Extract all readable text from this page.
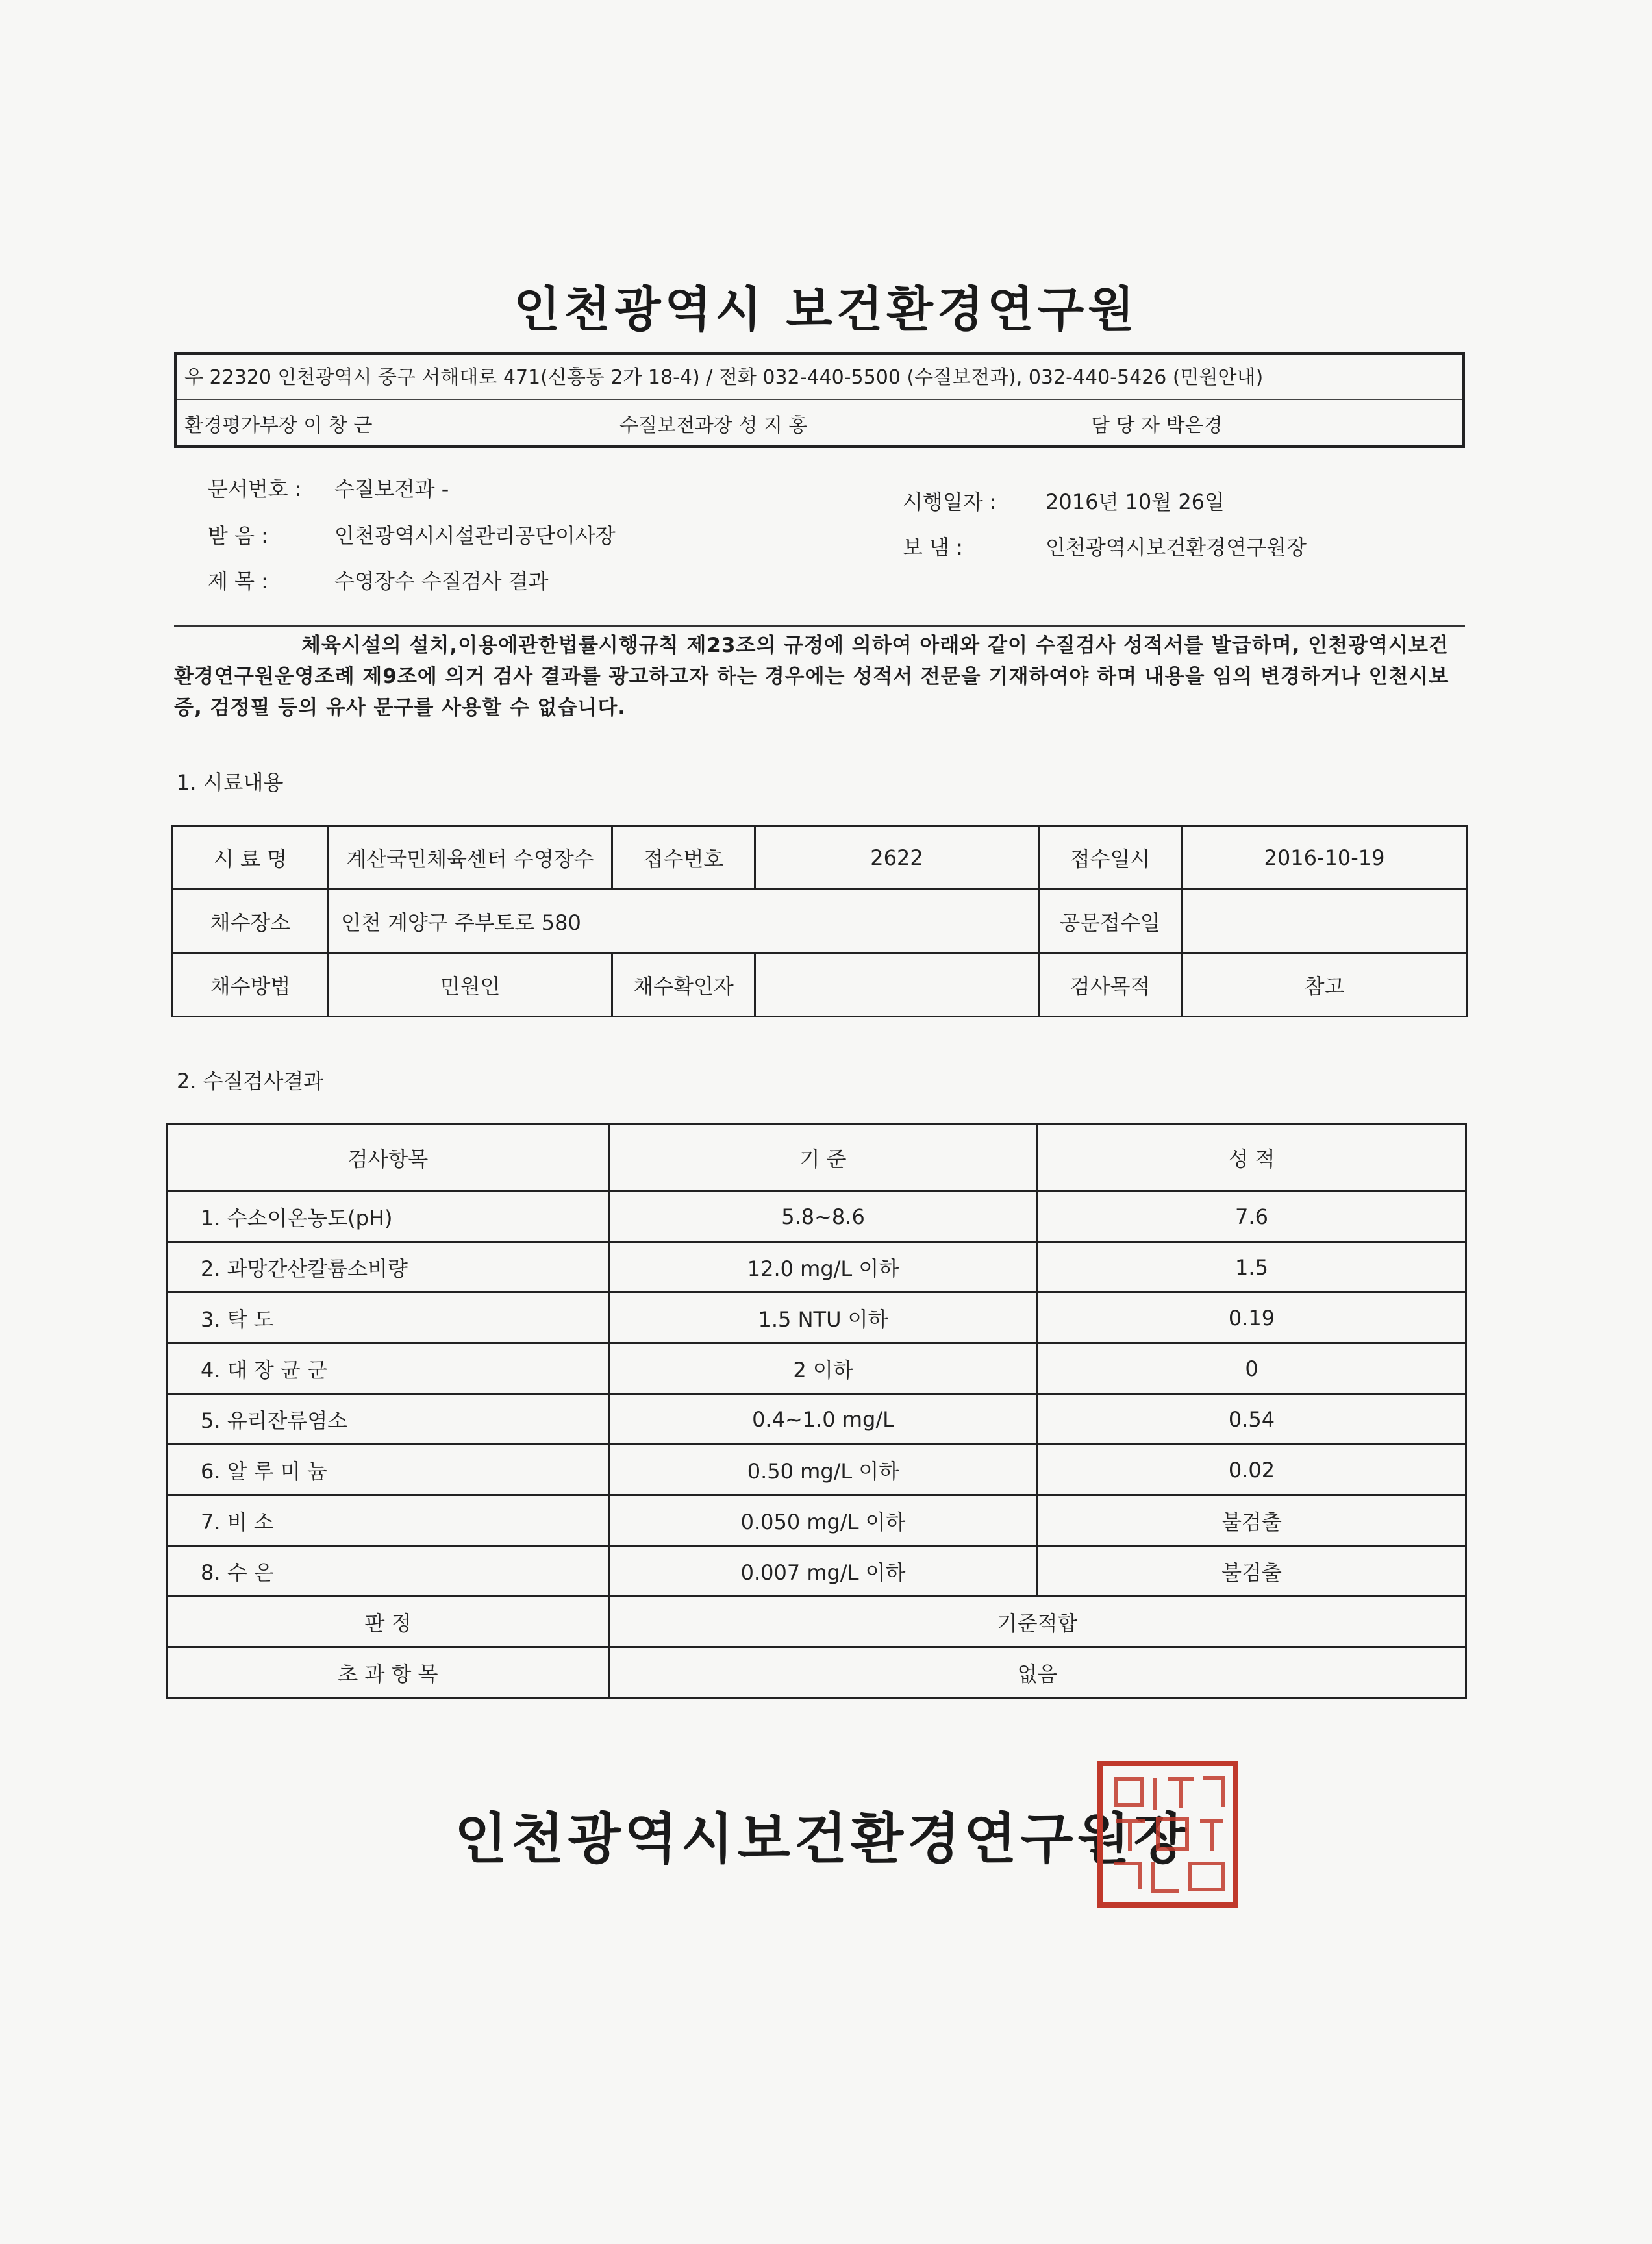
인천광역시 보건환경연구원
우 22320 인천광역시 중구 서해대로 471(신흥동 2가 18-4) / 전화 032-440-5500 (수질보전과), 032-440-5426 (민원안내)
환경평가부장 이 창 근	수질보전과장 성 지 홍	담 당 자 박은경
문서번호 : 수질보전과 -
받 음 :	인천광역시시설관리공단이사장
제 목 :	수영장수 수질검사 결과
시행일자 : 2016년 10월 26일
보 냄 :	인천광역시보건환경연구원장
체육시설의 설치,이용에관한법률시행규칙 제23조의 규정에 의하여 아래와 같이 수질검사 성적서를 발급하며, 인천광역시보건환경연구원운영조례 제9조에 의거 검사 결과를 광고하고자 하는 경우에는 성적서 전문을 기재하여야 하며 내용을 임의 변경하거나 인천시보증, 검정필 등의 유사 문구를 사용할 수 없습니다.
1. 시료내용
시 료 명	계산국민체육센터 수영장수	접수번호	2622	접수일시	2016-10-19
채수장소	인천 계양구 주부토로 580			공문접수일	
채수방법	민원인	채수확인자		검사목적	참고
2. 수질검사결과
검사항목	기 준	성 적
1. 수소이온농도(pH)	5.8~8.6	7.6
2. 과망간산칼륨소비량	12.0 mg/L 이하	1.5
3. 탁 도	1.5 NTU 이하	0.19
4. 대 장 균 군	2 이하	0
5. 유리잔류염소	0.4~1.0 mg/L	0.54
6. 알 루 미 늄	0.50 mg/L 이하	0.02
7. 비 소	0.050 mg/L 이하	불검출
8. 수 은	0.007 mg/L 이하	불검출
판 정	기준적합	
초 과 항 목	없음	
인천광역시보건환경연구원장
